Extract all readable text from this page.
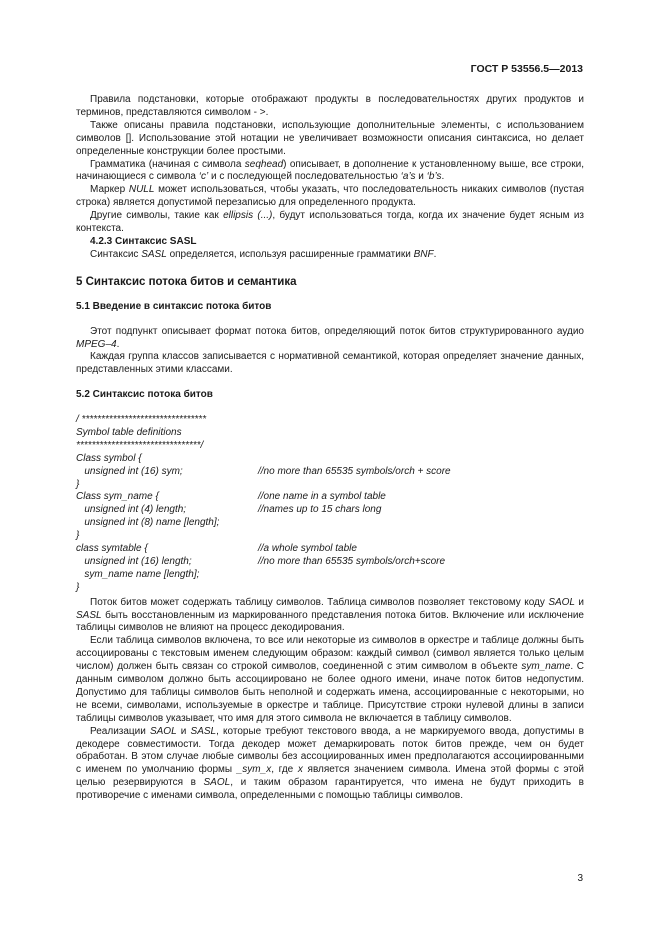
ГОСТ Р 53556.5—2013

Правила подстановки, которые отображают продукты в последовательностях других продуктов и терминов, представляются символом - >.

Также описаны правила подстановки, использующие дополнительные элементы, с использованием символов []. Использование этой нотации не увеличивает возможности описания синтаксиса, но делает определенные конструкции более простыми.

Грамматика (начиная с символа seqhead) описывает, в дополнение к установленному выше, все строки, начинающиеся с символа ‘c’ и с последующей последовательностью ‘a’s и ‘b’s.

Маркер NULL может использоваться, чтобы указать, что последовательность никаких символов (пустая строка) является допустимой перезаписью для определенного продукта.

Другие символы, такие как ellipsis (...), будут использоваться тогда, когда их значение будет ясным из контекста.

4.2.3 Синтаксис SASL

Синтаксис SASL определяется, используя расширенные грамматики BNF.

5 Синтаксис потока битов и семантика

5.1 Введение в синтаксис потока битов

Этот подпункт описывает формат потока битов, определяющий поток битов структурированного аудио MPEG–4.

Каждая группа классов записывается с нормативной семантикой, которая определяет значение данных, представленных этими классами.

5.2 Синтаксис потока битов

/ ********************************
Symbol table definitions
********************************/
Class symbol {
unsigned int (16) sym;	//no more than 65535 symbols/orch + score
}
Class sym_name {	//one name in a symbol table
unsigned int (4) length;	//names up to 15 chars long
unsigned int (8) name [length];
}
class symtable {	//a whole symbol table
unsigned int (16) length;	//no more than 65535 symbols/orch+score
sym_name name [length];
}

Поток битов может содержать таблицу символов. Таблица символов позволяет текстовому коду SAOL и SASL быть восстановленным из маркированного представления потока битов. Включение или исключение таблицы символов не влияют на процесс декодирования.

Если таблица символов включена, то все или некоторые из символов в оркестре и таблице должны быть ассоциированы с текстовым именем следующим образом: каждый символ (символ является только целым числом) должен быть связан со строкой символов, соединенной с этим символом в объекте sym_name. С данным символом должно быть ассоциировано не более одного имени, иначе поток битов недопустим. Допустимо для таблицы символов быть неполной и содержать имена, ассоциированные с некоторыми, но не всеми, символами, используемые в оркестре и таблице. Присутствие строки нулевой длины в записи таблицы символов указывает, что имя для этого символа не включается в таблицу символов.

Реализации SAOL и SASL, которые требуют текстового ввода, а не маркируемого ввода, допустимы в декодере совместимости. Тогда декодер может демаркировать поток битов прежде, чем он будет обработан. В этом случае любые символы без ассоциированных имен предполагаются ассоциированными с именем по умолчанию формы _sym_x, где x является значением символа. Имена этой формы с этой целью резервируются в SAOL, и таким образом гарантируется, что имена не будут приходить в противоречие с именами символа, определенными с помощью таблицы символов.

3
